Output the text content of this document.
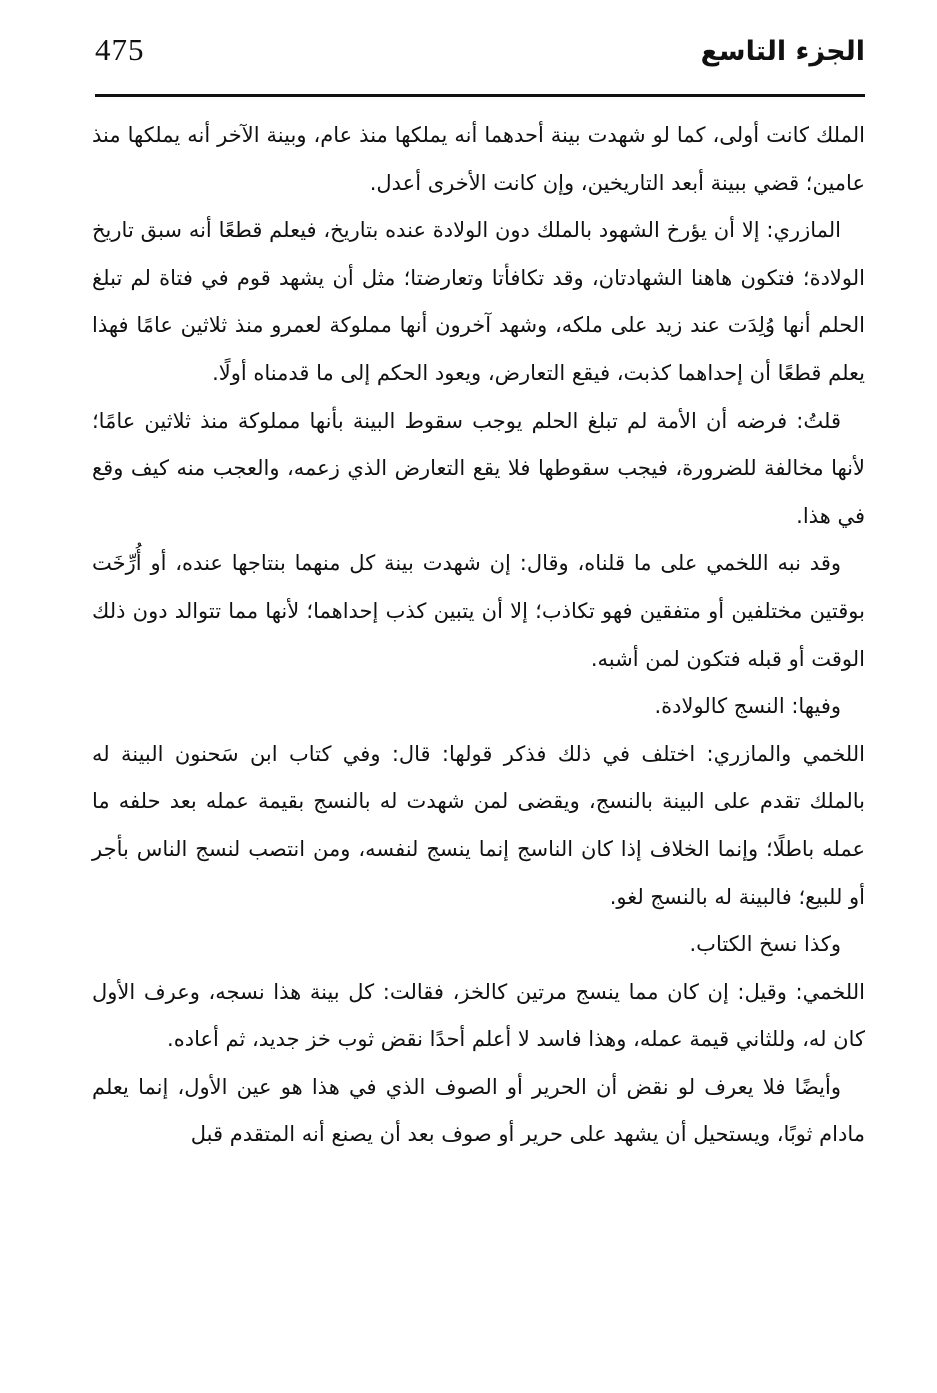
475	الجزء التاسع

الملك كانت أولى، كما لو شهدت بينة أحدهما أنه يملكها منذ عام، وبينة الآخر أنه يملكها منذ عامين؛ قضي ببينة أبعد التاريخين، وإن كانت الأخرى أعدل.

المازري: إلا أن يؤرخ الشهود بالملك دون الولادة عنده بتاريخ، فيعلم قطعًا أنه سبق تاريخ الولادة؛ فتكون هاهنا الشهادتان، وقد تكافأتا وتعارضتا؛ مثل أن يشهد قوم في فتاة لم تبلغ الحلم أنها وُلِدَت عند زيد على ملكه، وشهد آخرون أنها مملوكة لعمرو منذ ثلاثين عامًا فهذا يعلم قطعًا أن إحداهما كذبت، فيقع التعارض، ويعود الحكم إلى ما قدمناه أولًا.

قلتُ: فرضه أن الأمة لم تبلغ الحلم يوجب سقوط البينة بأنها مملوكة منذ ثلاثين عامًا؛ لأنها مخالفة للضرورة، فيجب سقوطها فلا يقع التعارض الذي زعمه، والعجب منه كيف وقع في هذا.

وقد نبه اللخمي على ما قلناه، وقال: إن شهدت بينة كل منهما بنتاجها عنده، أو أُرِّخَت بوقتين مختلفين أو متفقين فهو تكاذب؛ إلا أن يتبين كذب إحداهما؛ لأنها مما تتوالد دون ذلك الوقت أو قبله فتكون لمن أشبه.

وفيها: النسج كالولادة.

اللخمي والمازري: اختلف في ذلك فذكر قولها: قال: وفي كتاب ابن سَحنون البينة له بالملك تقدم على البينة بالنسج، ويقضى لمن شهدت له بالنسج بقيمة عمله بعد حلفه ما عمله باطلًا؛ وإنما الخلاف إذا كان الناسج إنما ينسج لنفسه، ومن انتصب لنسج الناس بأجر أو للبيع؛ فالبينة له بالنسج لغو.

وكذا نسخ الكتاب.

اللخمي: وقيل: إن كان مما ينسج مرتين كالخز، فقالت: كل بينة هذا نسجه، وعرف الأول كان له، وللثاني قيمة عمله، وهذا فاسد لا أعلم أحدًا نقض ثوب خز جديد، ثم أعاده.

وأيضًا فلا يعرف لو نقض أن الحرير أو الصوف الذي في هذا هو عين الأول، إنما يعلم مادام ثوبًا، ويستحيل أن يشهد على حرير أو صوف بعد أن يصنع أنه المتقدم قبل
